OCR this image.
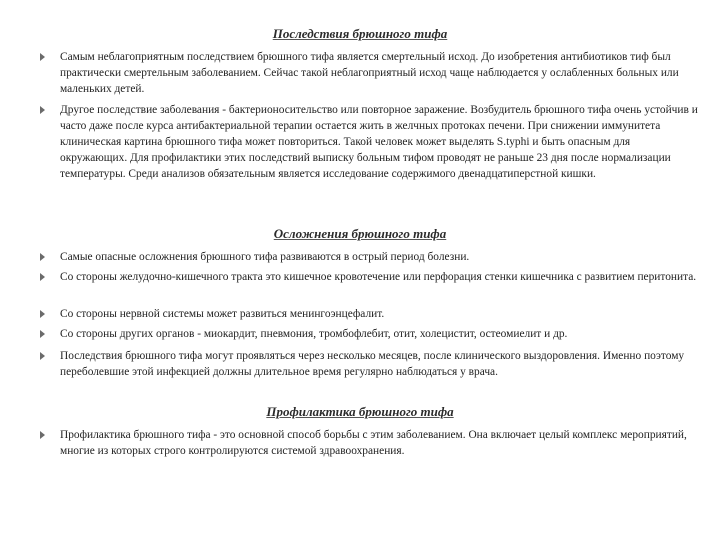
Последствия брюшного тифа
Самым неблагоприятным последствием брюшного тифа является смертельный исход. До изобретения антибиотиков тиф был практически смертельным заболеванием. Сейчас такой неблагоприятный исход чаще наблюдается у ослабленных больных или маленьких детей.
Другое последствие заболевания - бактерионосительство или повторное заражение. Возбудитель брюшного тифа очень устойчив и часто даже после курса антибактериальной терапии остается жить в желчных протоках печени. При снижении иммунитета клиническая картина брюшного тифа может повториться. Такой человек может выделять S.typhi и быть опасным для окружающих. Для профилактики этих последствий выписку больным тифом проводят не раньше 23 дня после нормализации температуры. Среди анализов обязательным является исследование содержимого двенадцатиперстной кишки.
Осложнения брюшного тифа
Самые опасные осложнения брюшного тифа развиваются в острый период болезни.
Со стороны желудочно-кишечного тракта это кишечное кровотечение или перфорация стенки кишечника с развитием перитонита.
Со стороны нервной системы может развиться менингоэнцефалит.
Со стороны других органов - миокардит, пневмония, тромбофлебит, отит, холецистит, остеомиелит и др.
Последствия брюшного тифа могут проявляться через несколько месяцев, после клинического выздоровления. Именно поэтому переболевшие этой инфекцией должны длительное время регулярно наблюдаться у врача.
Профилактика брюшного тифа
Профилактика брюшного тифа - это основной способ борьбы с этим заболеванием. Она включает целый комплекс мероприятий, многие из которых строго контролируются системой здравоохранения.
